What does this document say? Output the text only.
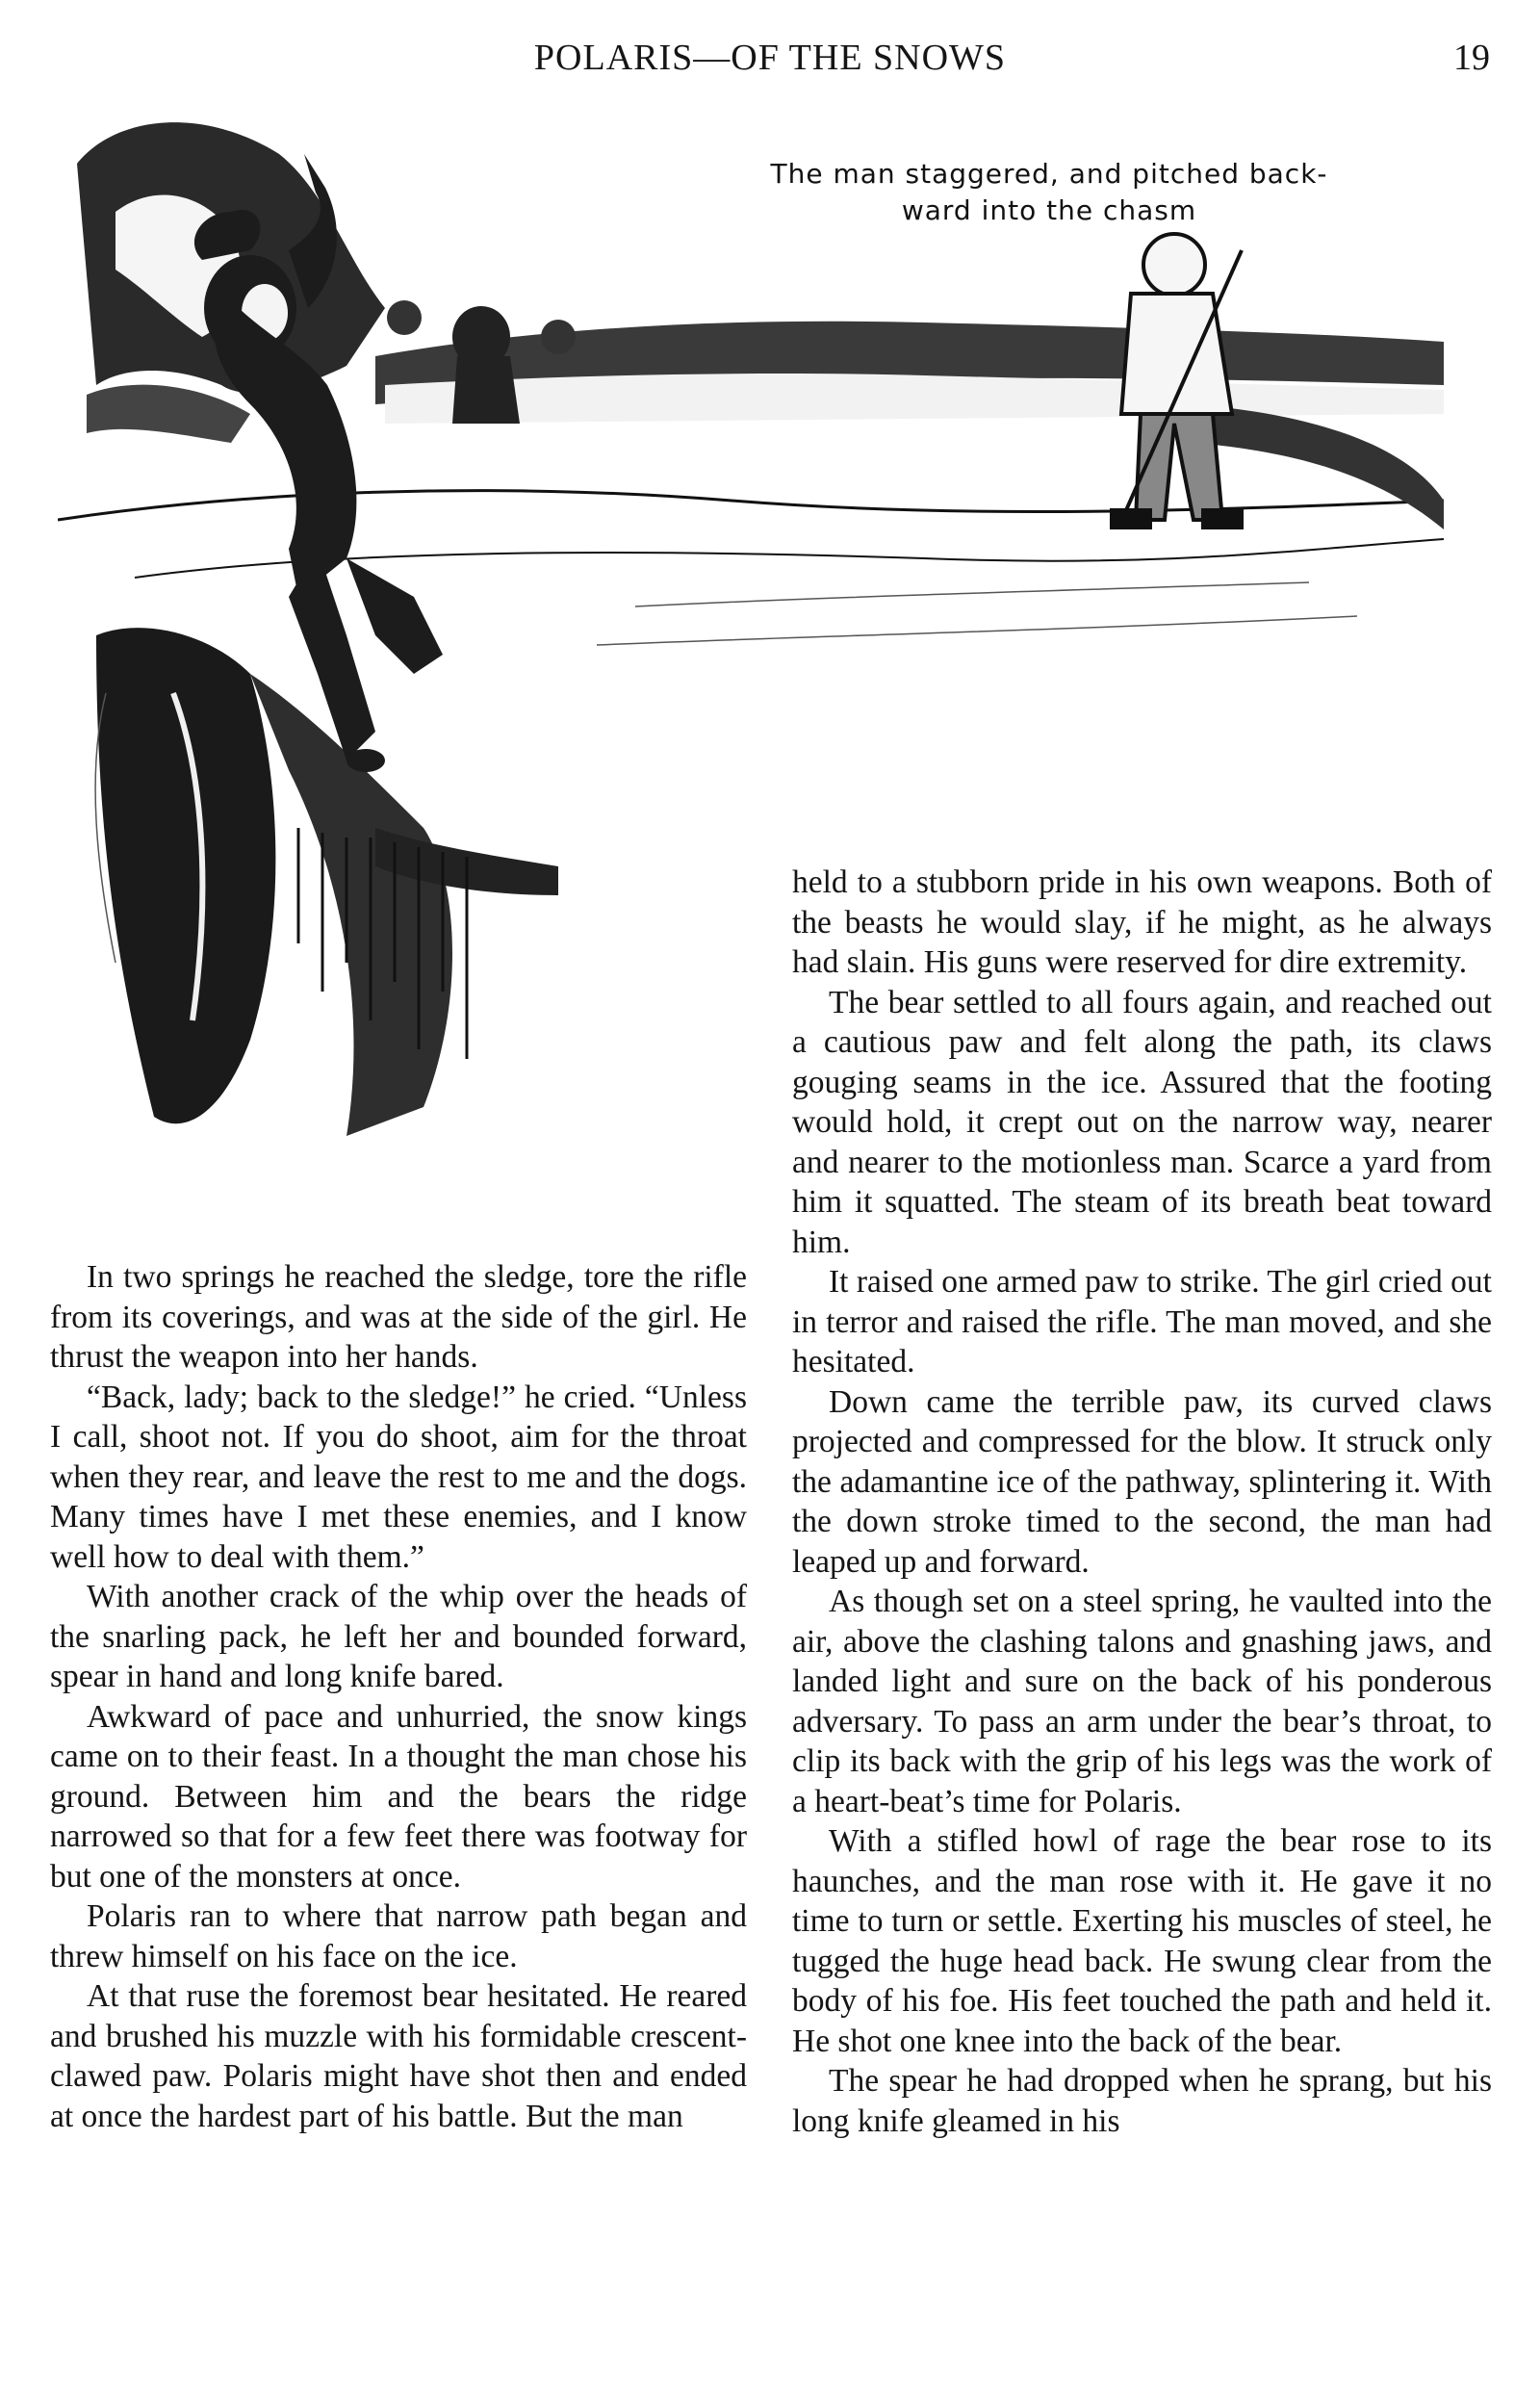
POLARIS—OF THE SNOWS	19
The man staggered, and pitched back-
ward into the chasm

In two springs he reached the sledge, tore the rifle from its coverings, and was at the side of the girl. He thrust the weapon into her hands.

“Back, lady; back to the sledge!” he cried. “Unless I call, shoot not. If you do shoot, aim for the throat when they rear, and leave the rest to me and the dogs. Many times have I met these enemies, and I know well how to deal with them.”

With another crack of the whip over the heads of the snarling pack, he left her and bounded forward, spear in hand and long knife bared.

Awkward of pace and unhurried, the snow kings came on to their feast. In a thought the man chose his ground. Between him and the bears the ridge narrowed so that for a few feet there was footway for but one of the monsters at once.

Polaris ran to where that narrow path began and threw himself on his face on the ice.

At that ruse the foremost bear hesitated. He reared and brushed his muzzle with his formidable crescent-clawed paw. Polaris might have shot then and ended at once the hardest part of his battle. But the man

held to a stubborn pride in his own weapons. Both of the beasts he would slay, if he might, as he always had slain. His guns were reserved for dire extremity.

The bear settled to all fours again, and reached out a cautious paw and felt along the path, its claws gouging seams in the ice. Assured that the footing would hold, it crept out on the narrow way, nearer and nearer to the motionless man. Scarce a yard from him it squatted. The steam of its breath beat toward him.

It raised one armed paw to strike. The girl cried out in terror and raised the rifle. The man moved, and she hesitated.

Down came the terrible paw, its curved claws projected and compressed for the blow. It struck only the adamantine ice of the pathway, splintering it. With the down stroke timed to the second, the man had leaped up and forward.

As though set on a steel spring, he vaulted into the air, above the clashing talons and gnashing jaws, and landed light and sure on the back of his ponderous adversary. To pass an arm under the bear’s throat, to clip its back with the grip of his legs was the work of a heart-beat’s time for Polaris.

With a stifled howl of rage the bear rose to its haunches, and the man rose with it. He gave it no time to turn or settle. Exerting his muscles of steel, he tugged the huge head back. He swung clear from the body of his foe. His feet touched the path and held it. He shot one knee into the back of the bear.

The spear he had dropped when he sprang, but his long knife gleamed in his
